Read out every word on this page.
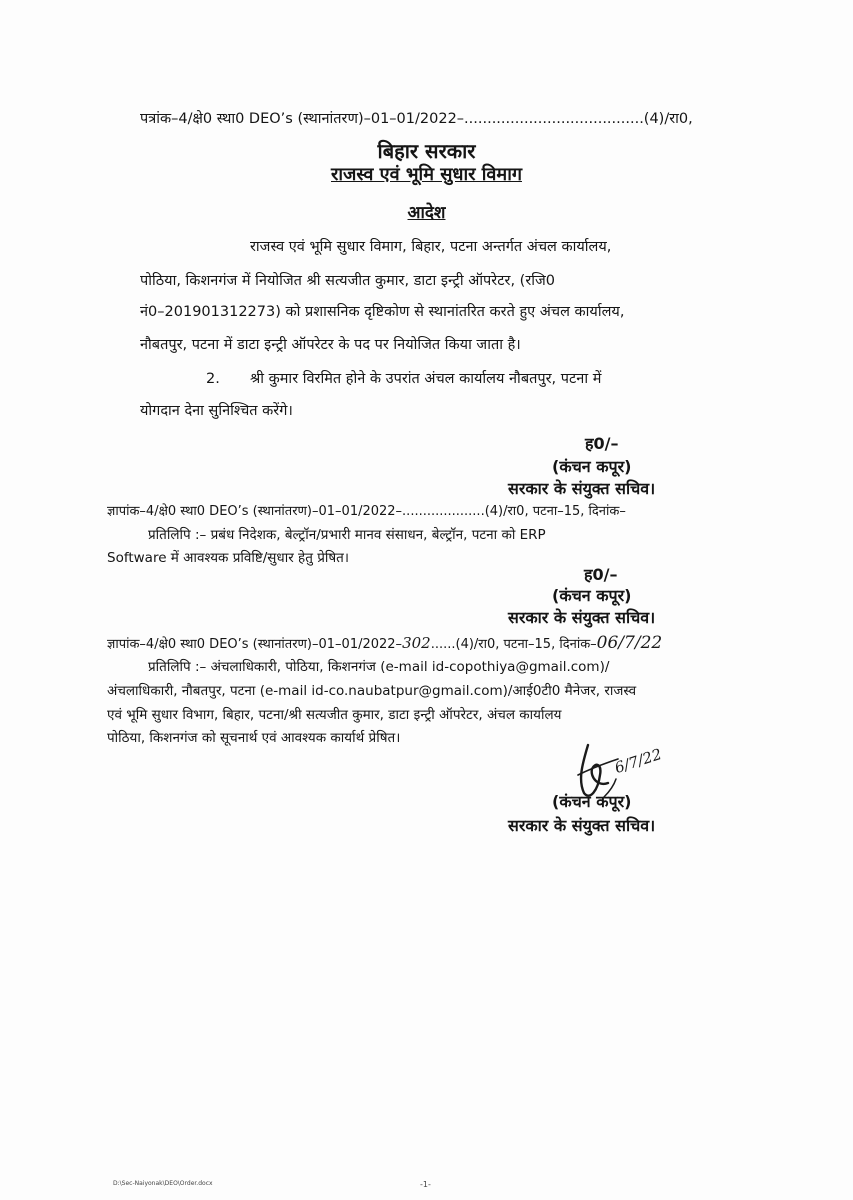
पत्रांक–4/क्षे0 स्था0 DEO’s (स्थानांतरण)–01–01/2022–.......................................(4)/रा0,
बिहार सरकार
राजस्व एवं भूमि सुधार विमाग
आदेश
राजस्व एवं भूमि सुधार विमाग, बिहार, पटना अन्तर्गत अंचल कार्यालय,
पोठिया, किशनगंज में नियोजित श्री सत्यजीत कुमार, डाटा इन्ट्री ऑपरेटर, (रजि0
नं0–201901312273) को प्रशासनिक दृष्टिकोण से स्थानांतरित करते हुए अंचल कार्यालय,
नौबतपुर, पटना में डाटा इन्ट्री ऑपरेटर के पद पर नियोजित किया जाता है।
2. श्री कुमार विरमित होने के उपरांत अंचल कार्यालय नौबतपुर, पटना में
योगदान देना सुनिश्चित करेंगे।
ह0/–
(कंचन कपूर)
सरकार के संयुक्त सचिव।
ज्ञापांक–4/क्षे0 स्था0 DEO’s (स्थानांतरण)–01–01/2022–....................(4)/रा0, पटना–15, दिनांक–
प्रतिलिपि :– प्रबंध निदेशक, बेल्ट्रॉन/प्रभारी मानव संसाधन, बेल्ट्रॉन, पटना को ERP
Software में आवश्यक प्रविष्टि/सुधार हेतु प्रेषित।
ह0/–
(कंचन कपूर)
सरकार के संयुक्त सचिव।
ज्ञापांक–4/क्षे0 स्था0 DEO’s (स्थानांतरण)–01–01/2022–302......(4)/रा0, पटना–15, दिनांक–06/7/22
प्रतिलिपि :– अंचलाधिकारी, पोठिया, किशनगंज (e-mail id-copothiya@gmail.com)/
अंचलाधिकारी, नौबतपुर, पटना (e-mail id-co.naubatpur@gmail.com)/आई0टी0 मैनेजर, राजस्व
एवं भूमि सुधार विभाग, बिहार, पटना/श्री सत्यजीत कुमार, डाटा इन्ट्री ऑपरेटर, अंचल कार्यालय
पोठिया, किशनगंज को सूचनार्थ एवं आवश्यक कार्यार्थ प्रेषित।
6/7/22
(कंचन कपूर)
सरकार के संयुक्त सचिव।
D:\Sec-Naiyonak\DEO\Order.docx	-1-
